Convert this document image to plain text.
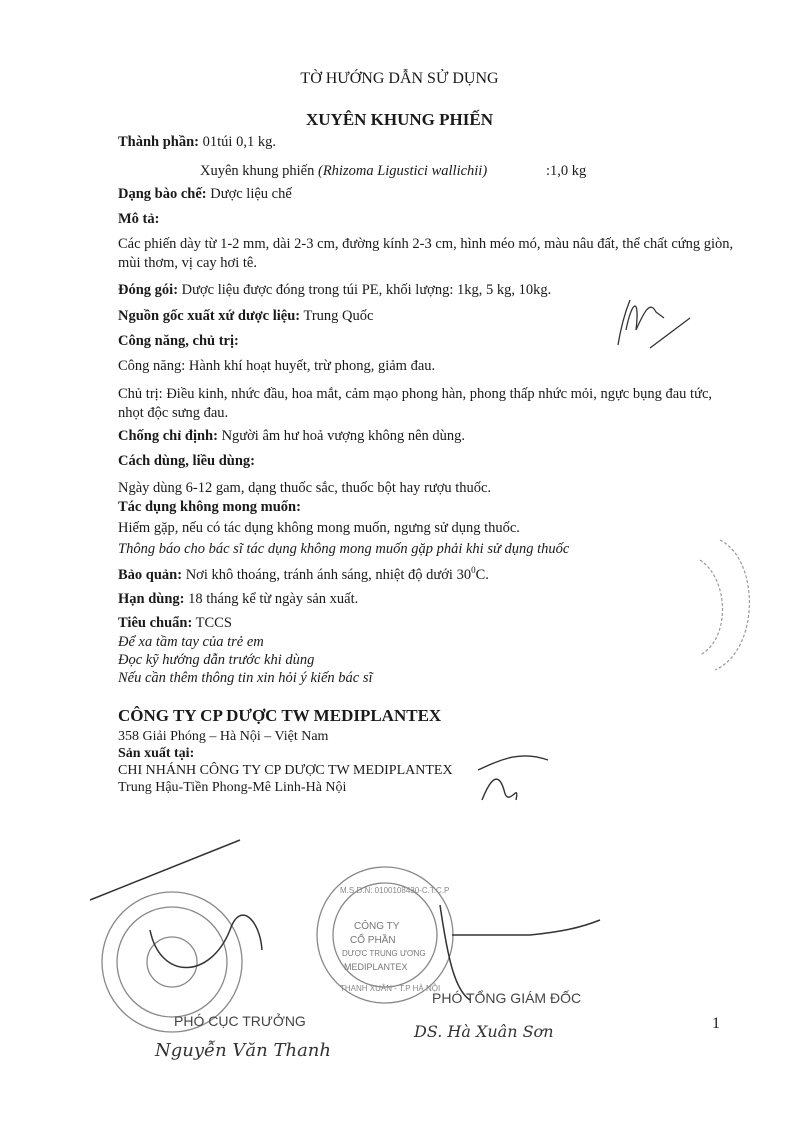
TỜ HƯỚNG DẪN SỬ DỤNG
XUYÊN KHUNG PHIẾN
Thành phần: 01túi 0,1 kg.
Xuyên khung phiến (Rhizoma Ligustici wallichii)	:1,0 kg
Dạng bào chế: Dược liệu chế
Mô tả:
Các phiến dày từ 1-2 mm, dài 2-3 cm, đường kính 2-3 cm, hình méo mó, màu nâu đất, thể chất cứng giòn, mùi thơm, vị cay hơi tê.
Đóng gói: Dược liệu được đóng trong túi PE, khối lượng: 1kg, 5 kg, 10kg.
Nguồn gốc xuất xứ dược liệu: Trung Quốc
Công năng, chủ trị:
Công năng: Hành khí hoạt huyết, trừ phong, giảm đau.
Chủ trị: Điều kinh, nhức đầu, hoa mắt, cảm mạo phong hàn, phong thấp nhức mỏi, ngực bụng đau tức, nhọt độc sưng đau.
Chống chỉ định: Người âm hư hoả vượng không nên dùng.
Cách dùng, liều dùng:
Ngày dùng 6-12 gam, dạng thuốc sắc, thuốc bột hay rượu thuốc.
Tác dụng không mong muốn:
Hiếm gặp, nếu có tác dụng không mong muốn, ngưng sử dụng thuốc.
Thông báo cho bác sĩ tác dụng không mong muốn gặp phải khi sử dụng thuốc
Bảo quản: Nơi khô thoáng, tránh ánh sáng, nhiệt độ dưới $30^0C$.
Hạn dùng: 18 tháng kể từ ngày sản xuất.
Tiêu chuẩn: TCCS
Để xa tầm tay của trẻ em
Đọc kỹ hướng dẫn trước khi dùng
Nếu cần thêm thông tin xin hỏi ý kiến bác sĩ
CÔNG TY CP DƯỢC TW MEDIPLANTEX
358 Giải Phóng – Hà Nội – Việt Nam
Sản xuất tại:
CHI NHÁNH CÔNG TY CP DƯỢC TW MEDIPLANTEX
Trung Hậu-Tiền Phong-Mê Linh-Hà Nội
CÔNG TY
CỔ PHẦN
DƯỢC TRUNG ƯƠNG
MEDIPLANTEX
M.S.D.N: 0100108430-C.T.C.P
THANH XUÂN - T.P HÀ NỘI
PHÓ CỤC TRƯỞNG
Nguyễn Văn Thanh
PHÓ TỔNG GIÁM ĐỐC
DS. Hà Xuân Sơn	1
